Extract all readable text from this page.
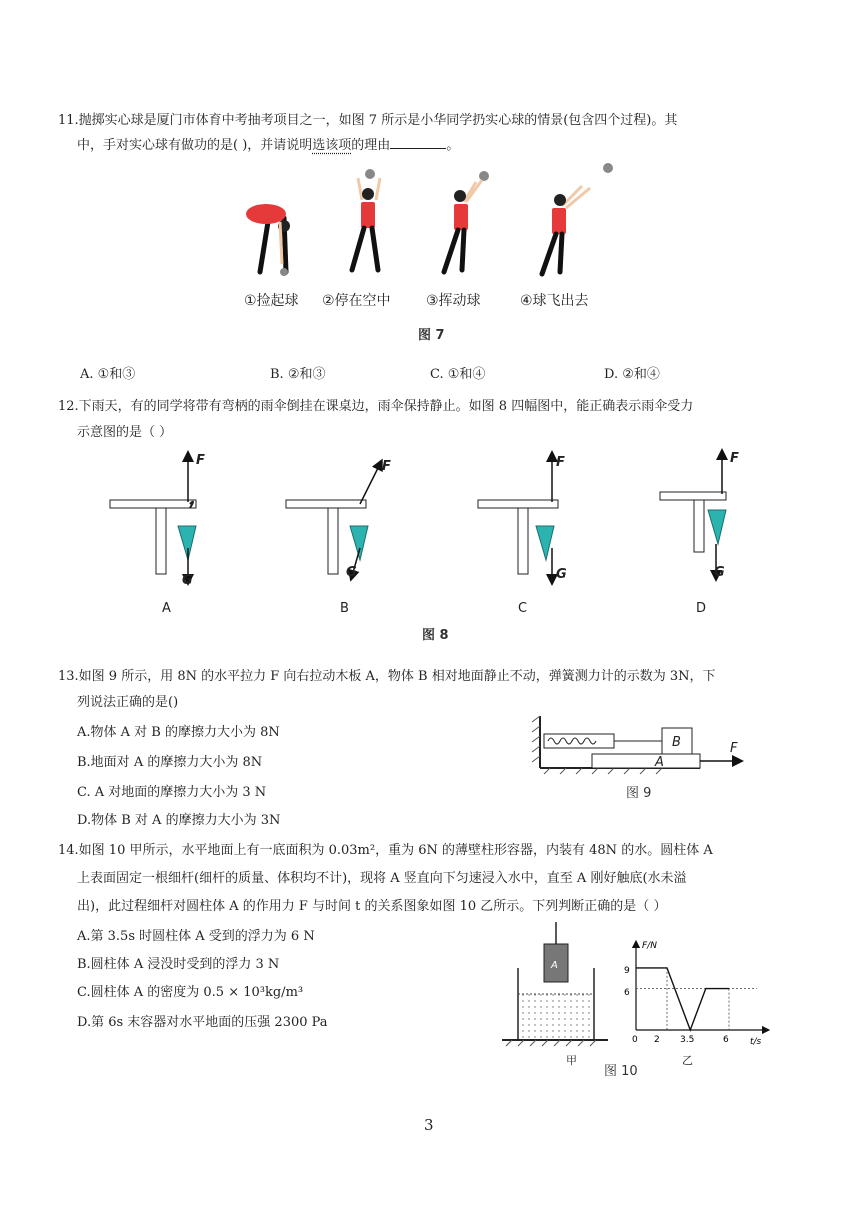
11.抛掷实心球是厦门市体育中考抽考项目之一，如图 7 所示是小华同学扔实心球的情景(包含四个过程)。其
中，手对实心球有做功的是( )，并请说明选该项的理由	。
①捡起球 ②停在空中	③挥动球	④球飞出去
图 7
A. ①和③	B. ②和③	C. ①和④	D. ②和④
12.下雨天，有的同学将带有弯柄的雨伞倒挂在课桌边，雨伞保持静止。如图 8 四幅图中，能正确表示雨伞受力
示意图的是（ ）
F
G
F
G
F
G
F
G
A	B	C	D
图 8
13.如图 9 所示，用 8N 的水平拉力 F 向右拉动木板 A，物体 B 相对地面静止不动，弹簧测力计的示数为 3N，下
列说法正确的是()
A.物体 A 对 B 的摩擦力大小为 8N
B.地面对 A 的摩擦力大小为 8N
C. A 对地面的摩擦力大小为 3 N
D.物体 B 对 A 的摩擦力大小为 3N
B
A
F
图 9
14.如图 10 甲所示，水平地面上有一底面积为 0.03m²，重为 6N 的薄壁柱形容器，内装有 48N 的水。圆柱体 A
上表面固定一根细杆(细杆的质量、体积均不计)，现将 A 竖直向下匀速浸入水中，直至 A 刚好触底(水未溢
出)，此过程细杆对圆柱体 A 的作用力 F 与时间 t 的关系图象如图 10 乙所示。下列判断正确的是（ ）
A.第 3.5s 时圆柱体 A 受到的浮力为 6 N
B.圆柱体 A 浸没时受到的浮力 3 N
C.圆柱体 A 的密度为 0.5 × 10³kg/m³
D.第 6s 末容器对水平地面的压强 2300 Pa
A
甲
图 10
乙
F/N
t/s
9
6
0 2 3.5	6
3
